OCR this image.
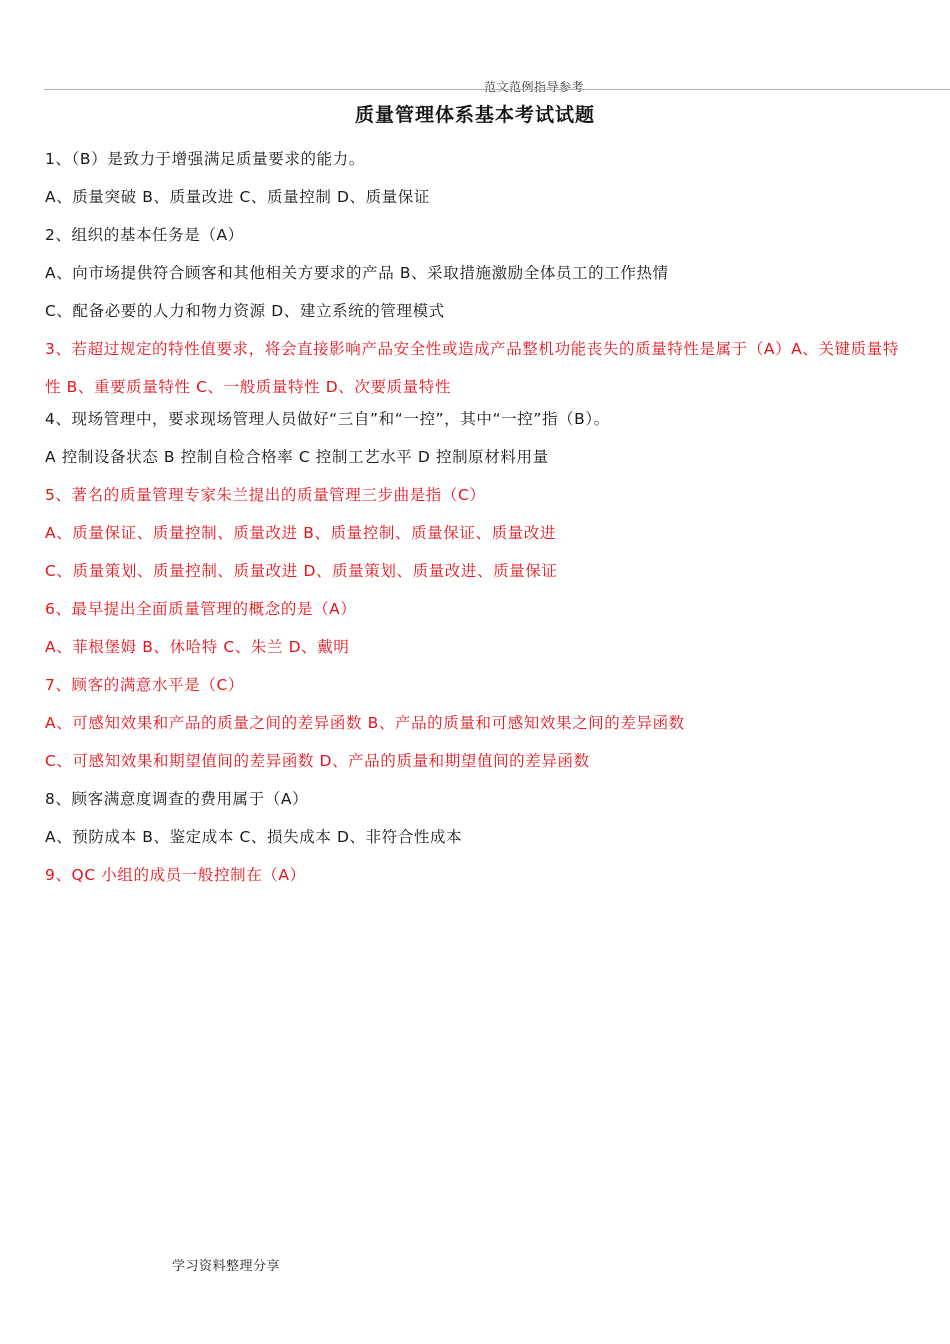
范文范例指导参考
质量管理体系基本考试试题
1、（B）是致力于增强满足质量要求的能力。
A、质量突破 B、质量改进 C、质量控制 D、质量保证
2、组织的基本任务是（A）
A、向市场提供符合顾客和其他相关方要求的产品 B、采取措施激励全体员工的工作热情
C、配备必要的人力和物力资源 D、建立系统的管理模式
3、若超过规定的特性值要求，将会直接影响产品安全性或造成产品整机功能丧失的质量特性是属于（A）A、关键质量特性 B、重要质量特性 C、一般质量特性 D、次要质量特性
4、现场管理中，要求现场管理人员做好“三自”和“一控”，其中“一控”指（B）。
A 控制设备状态 B 控制自检合格率 C 控制工艺水平 D 控制原材料用量
5、著名的质量管理专家朱兰提出的质量管理三步曲是指（C）
A、质量保证、质量控制、质量改进 B、质量控制、质量保证、质量改进
C、质量策划、质量控制、质量改进 D、质量策划、质量改进、质量保证
6、最早提出全面质量管理的概念的是（A）
A、菲根堡姆 B、休哈特 C、朱兰 D、戴明
7、顾客的满意水平是（C）
A、可感知效果和产品的质量之间的差异函数 B、产品的质量和可感知效果之间的差异函数
C、可感知效果和期望值间的差异函数 D、产品的质量和期望值间的差异函数
8、顾客满意度调查的费用属于（A）
A、预防成本 B、鉴定成本 C、损失成本 D、非符合性成本
9、QC 小组的成员一般控制在（A）
学习资料整理分享
